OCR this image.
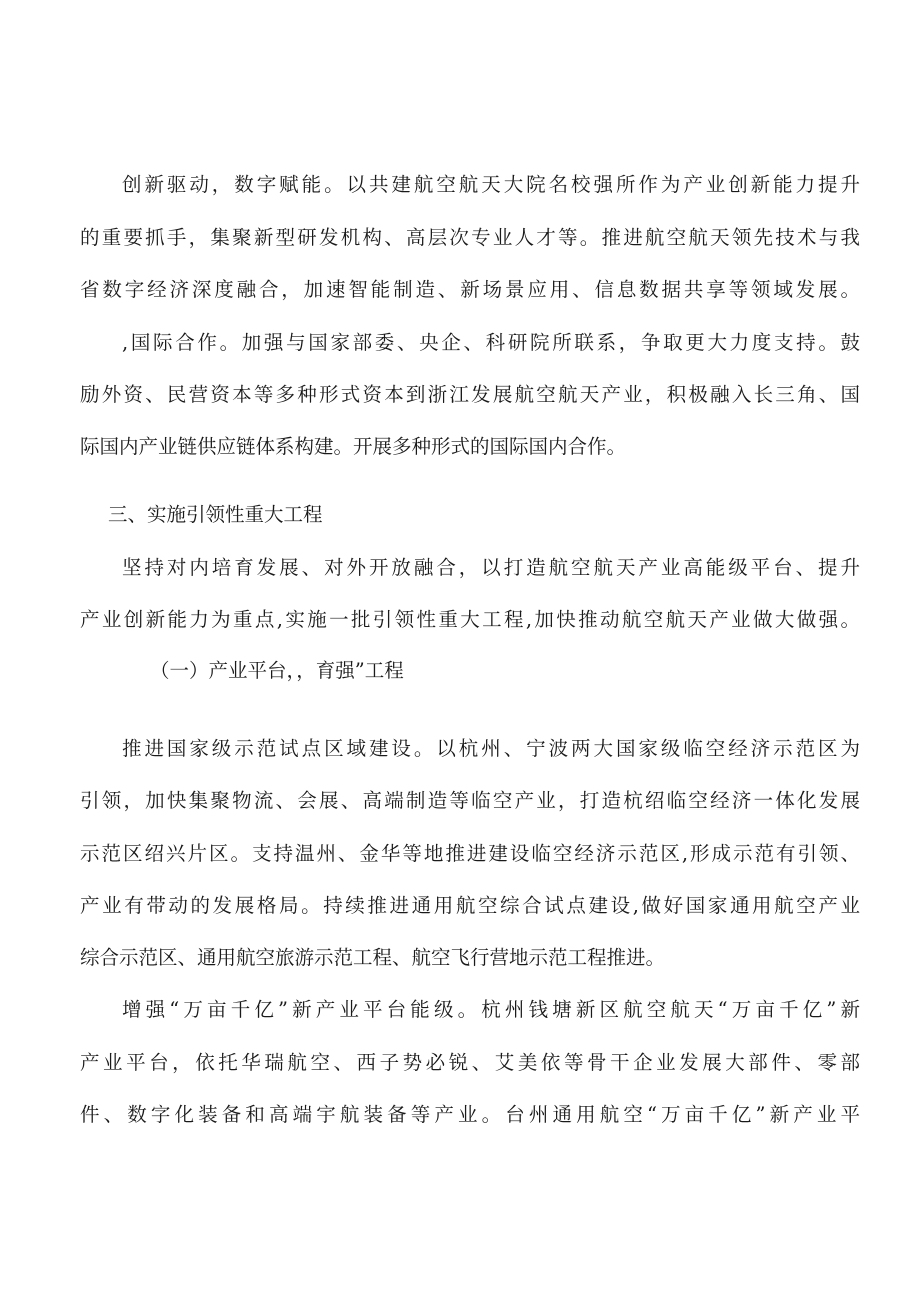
创新驱动，数字赋能。以共建航空航天大院名校强所作为产业创新能力提升
的重要抓手，集聚新型研发机构、高层次专业人才等。推进航空航天领先技术与我
省数字经济深度融合，加速智能制造、新场景应用、信息数据共享等领域发展。
,国际合作。加强与国家部委、央企、科研院所联系，争取更大力度支持。鼓
励外资、民营资本等多种形式资本到浙江发展航空航天产业，积极融入长三角、国
际国内产业链供应链体系构建。开展多种形式的国际国内合作。
三、实施引领性重大工程
坚持对内培育发展、对外开放融合，以打造航空航天产业高能级平台、提升
产业创新能力为重点,实施一批引领性重大工程,加快推动航空航天产业做大做强。
（一）产业平台，，育强”工程
推进国家级示范试点区域建设。以杭州、宁波两大国家级临空经济示范区为
引领，加快集聚物流、会展、高端制造等临空产业，打造杭绍临空经济一体化发展
示范区绍兴片区。支持温州、金华等地推进建设临空经济示范区,形成示范有引领、
产业有带动的发展格局。持续推进通用航空综合试点建设,做好国家通用航空产业
综合示范区、通用航空旅游示范工程、航空飞行营地示范工程推进。
增强“万亩千亿”新产业平台能级。杭州钱塘新区航空航天“万亩千亿”新
产业平台，依托华瑞航空、西子势必锐、艾美依等骨干企业发展大部件、零部
件、数字化装备和高端宇航装备等产业。台州通用航空“万亩千亿”新产业平
